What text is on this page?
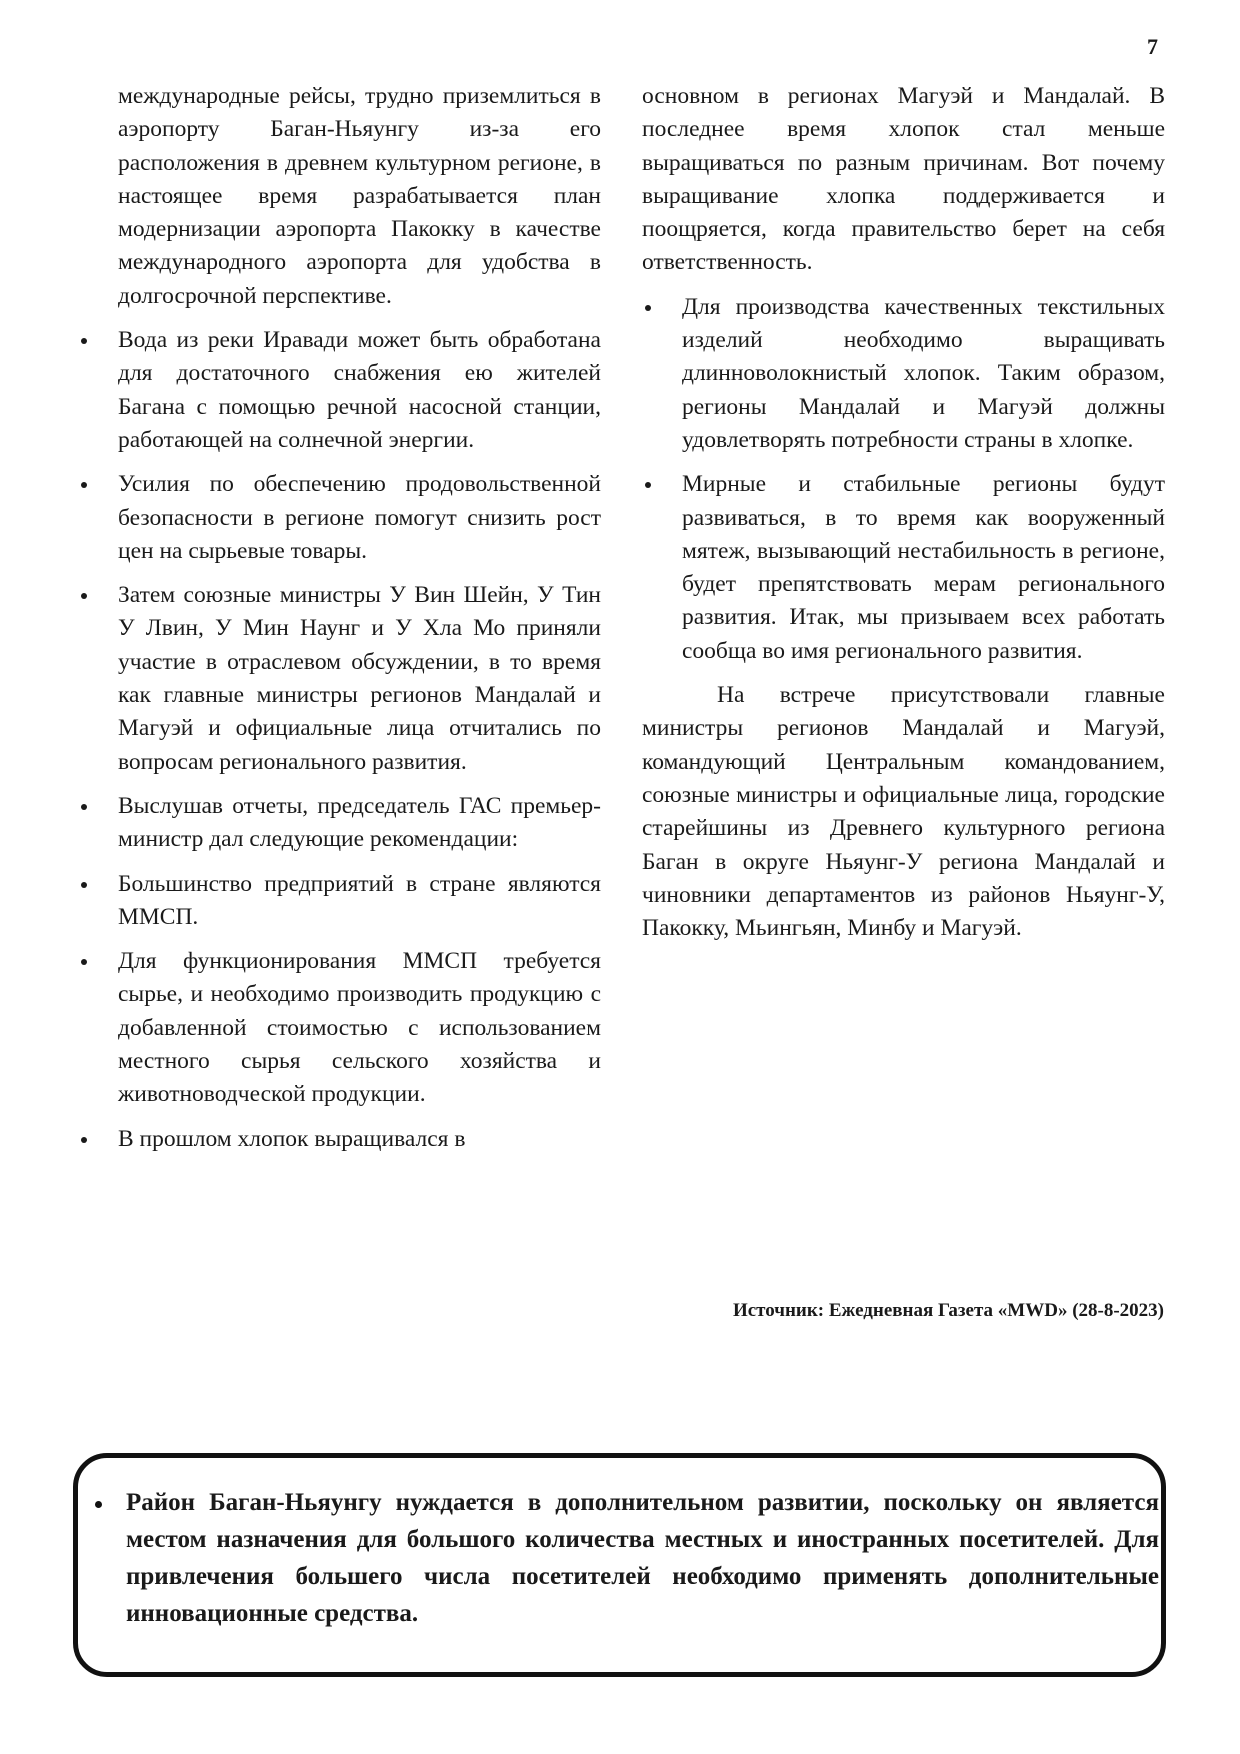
7

международные рейсы, трудно приземлиться в аэропорту Баган-Ньяунгу из-за его расположения в древнем культурном регионе, в настоящее время разрабатывается план модернизации аэропорта Пакокку в качестве международного аэропорта для удобства в долгосрочной перспективе.

Вода из реки Иравади может быть обработана для достаточного снабжения ею жителей Багана с помощью речной насосной станции, работающей на солнечной энергии.

Усилия по обеспечению продовольственной безопасности в регионе помогут снизить рост цен на сырьевые товары.

Затем союзные министры У Вин Шейн, У Тин У Лвин, У Мин Наунг и У Хла Мо приняли участие в отраслевом обсуждении, в то время как главные министры регионов Мандалай и Магуэй и официальные лица отчитались по вопросам регионального развития.

Выслушав отчеты, председатель ГАС премьер-министр дал следующие рекомендации:

Большинство предприятий в стране являются ММСП.

Для функционирования ММСП требуется сырье, и необходимо производить продукцию с добавленной стоимостью с использованием местного сырья сельского хозяйства и животноводческой продукции.

В прошлом хлопок выращивался в

основном в регионах Магуэй и Мандалай. В последнее время хлопок стал меньше выращиваться по разным причинам. Вот почему выращивание хлопка поддерживается и поощряется, когда правительство берет на себя ответственность.

Для производства качественных текстильных изделий необходимо выращивать длинноволокнистый хлопок. Таким образом, регионы Мандалай и Магуэй должны удовлетворять потребности страны в хлопке.

Мирные и стабильные регионы будут развиваться, в то время как вооруженный мятеж, вызывающий нестабильность в регионе, будет препятствовать мерам регионального развития. Итак, мы призываем всех работать сообща во имя регионального развития.

На встрече присутствовали главные министры регионов Мандалай и Магуэй, командующий Центральным командованием, союзные министры и официальные лица, городские старейшины из Древнего культурного региона Баган в округе Ньяунг-У региона Мандалай и чиновники департаментов из районов Ньяунг-У, Пакокку, Мьингьян, Минбу и Магуэй.

Источник: Ежедневная Газета «MWD» (28-8-2023)

Район Баган-Ньяунгу нуждается в дополнительном развитии, поскольку он является местом назначения для большого количества местных и иностранных посетителей. Для привлечения большего числа посетителей необходимо применять дополнительные инновационные средства.
